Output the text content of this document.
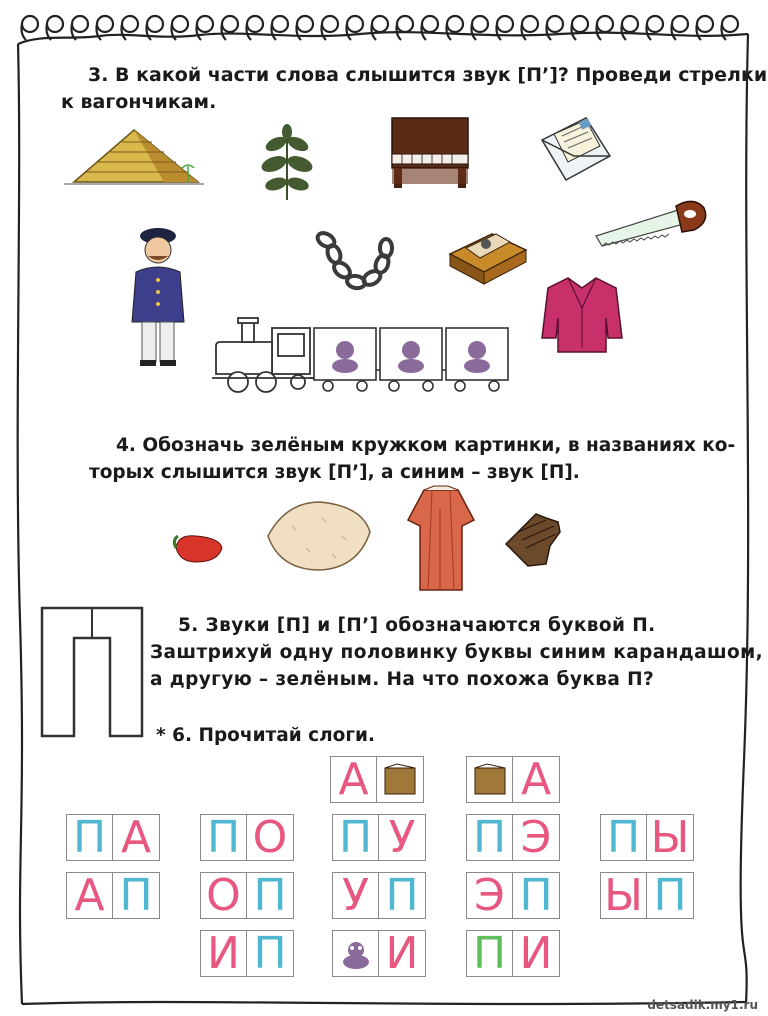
3. В какой части слова слышится звук [П’]? Проведи стрелки
к вагончикам.
4. Обозначь зелёным кружком картинки, в названиях ко-
торых слышится звук [П’], а синим – звук [П].
5. Звуки [П] и [П’] обозначаются буквой П.
Заштрихуй одну половинку буквы синим карандашом,
а другую – зелёным. На что похожа буква П?
* 6. Прочитай слоги.
А	А
П А П О П У П Э П Ы
А П О П У П Э П Ы П
И П И П И
detsadik.my1.ru
